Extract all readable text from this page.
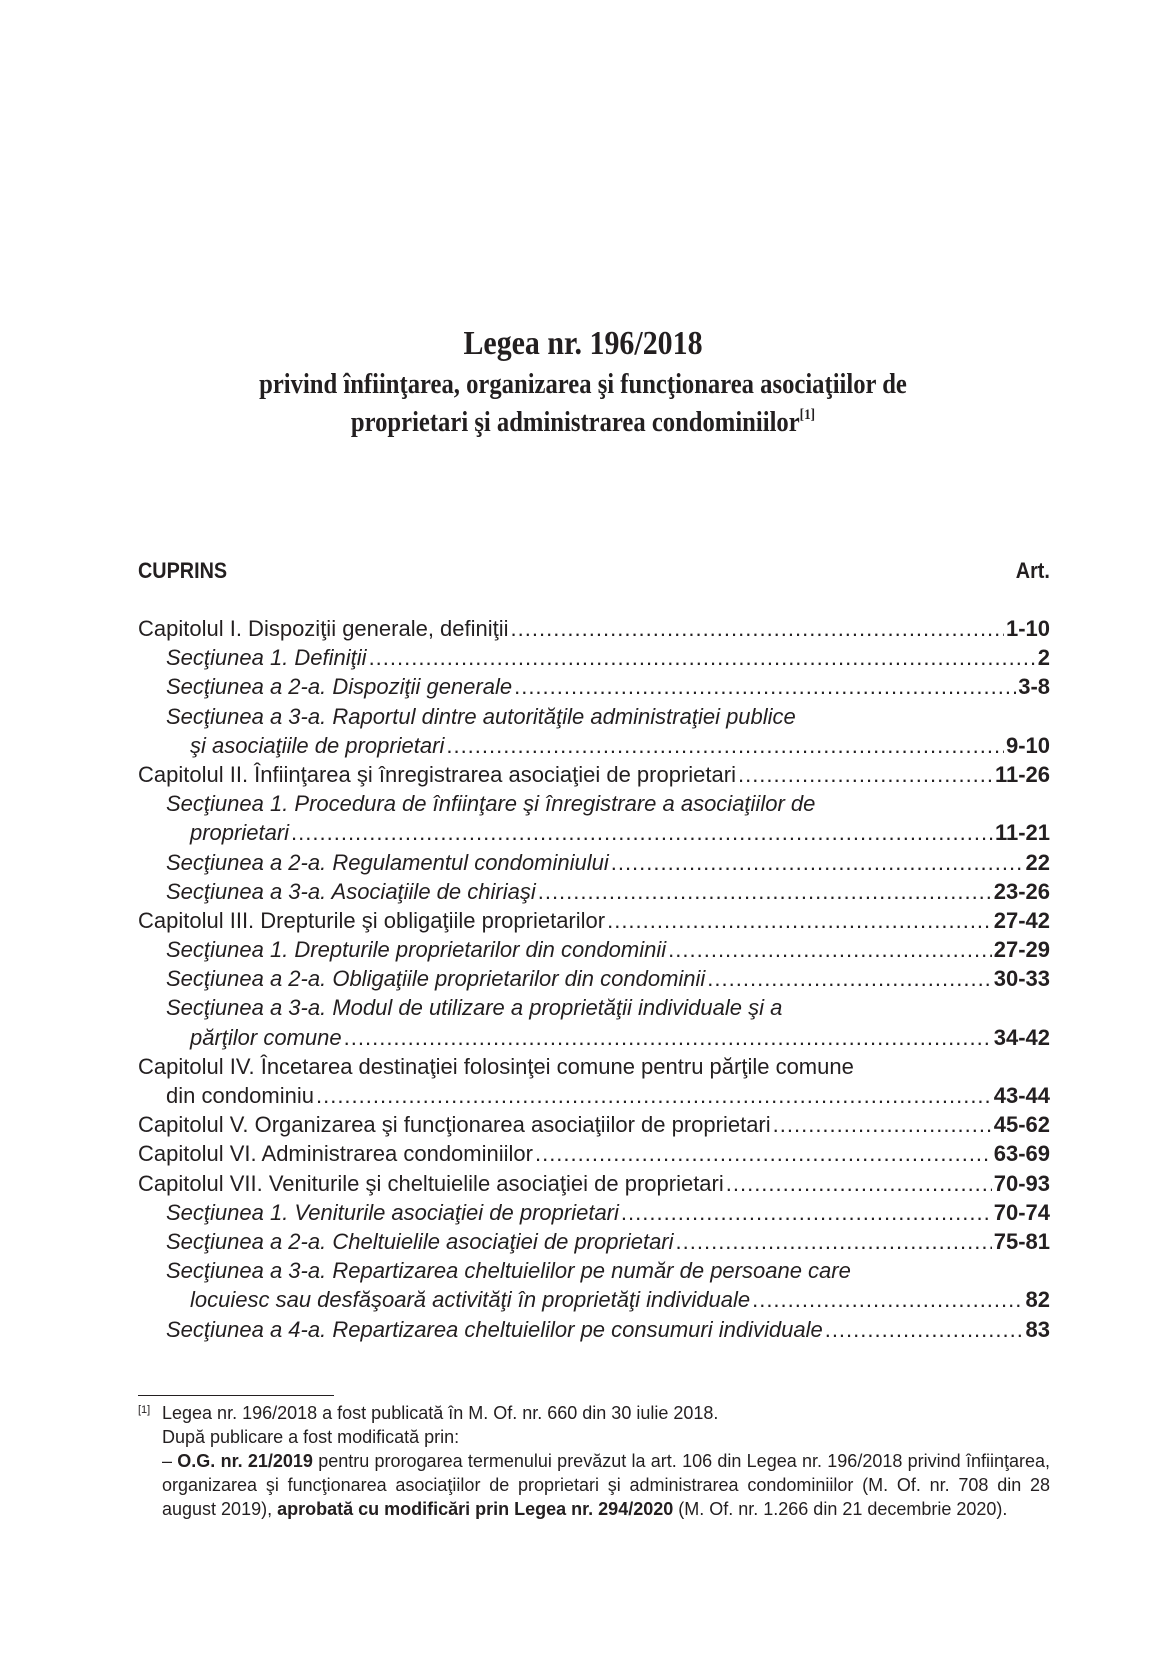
Legea nr. 196/2018
privind înfiinţarea, organizarea şi funcţionarea asociaţiilor de
proprietari şi administrarea condominiilor[1]
CUPRINS	Art.
Capitolul I. Dispoziţii generale, definiţii .....	1-10
Secţiunea 1. Definiţii .....	2
Secţiunea a 2-a. Dispoziţii generale .....	3-8
Secţiunea a 3-a. Raportul dintre autorităţile administraţiei publice
şi asociaţiile de proprietari .....	9-10
Capitolul II. Înfiinţarea şi înregistrarea asociaţiei de proprietari .....	11-26
Secţiunea 1. Procedura de înfiinţare şi înregistrare a asociaţiilor de
proprietari .....	11-21
Secţiunea a 2-a. Regulamentul condominiului .....	22
Secţiunea a 3-a. Asociaţiile de chiriaşi .....	23-26
Capitolul III. Drepturile şi obligaţiile proprietarilor .....	27-42
Secţiunea 1. Drepturile proprietarilor din condominii .....	27-29
Secţiunea a 2-a. Obligaţiile proprietarilor din condominii .....	30-33
Secţiunea a 3-a. Modul de utilizare a proprietăţii individuale şi a
părţilor comune .....	34-42
Capitolul IV. Încetarea destinaţiei folosinţei comune pentru părţile comune
din condominiu .....	43-44
Capitolul V. Organizarea şi funcţionarea asociaţiilor de proprietari .....	45-62
Capitolul VI. Administrarea condominiilor .....	63-69
Capitolul VII. Veniturile şi cheltuielile asociaţiei de proprietari .....	70-93
Secţiunea 1. Veniturile asociaţiei de proprietari .....	70-74
Secţiunea a 2-a. Cheltuielile asociaţiei de proprietari .....	75-81
Secţiunea a 3-a. Repartizarea cheltuielilor pe număr de persoane care
locuiesc sau desfăşoară activităţi în proprietăţi individuale .....	82
Secţiunea a 4-a. Repartizarea cheltuielilor pe consumuri individuale .....	83
[1] Legea nr. 196/2018 a fost publicată în M. Of. nr. 660 din 30 iulie 2018.
După publicare a fost modificată prin:
– O.G. nr. 21/2019 pentru prorogarea termenului prevăzut la art. 106 din Legea nr. 196/2018 privind înfiinţarea, organizarea şi funcţionarea asociaţiilor de proprietari şi administrarea condominiilor (M. Of. nr. 708 din 28 august 2019), aprobată cu modificări prin Legea nr. 294/2020 (M. Of. nr. 1.266 din 21 decembrie 2020).
